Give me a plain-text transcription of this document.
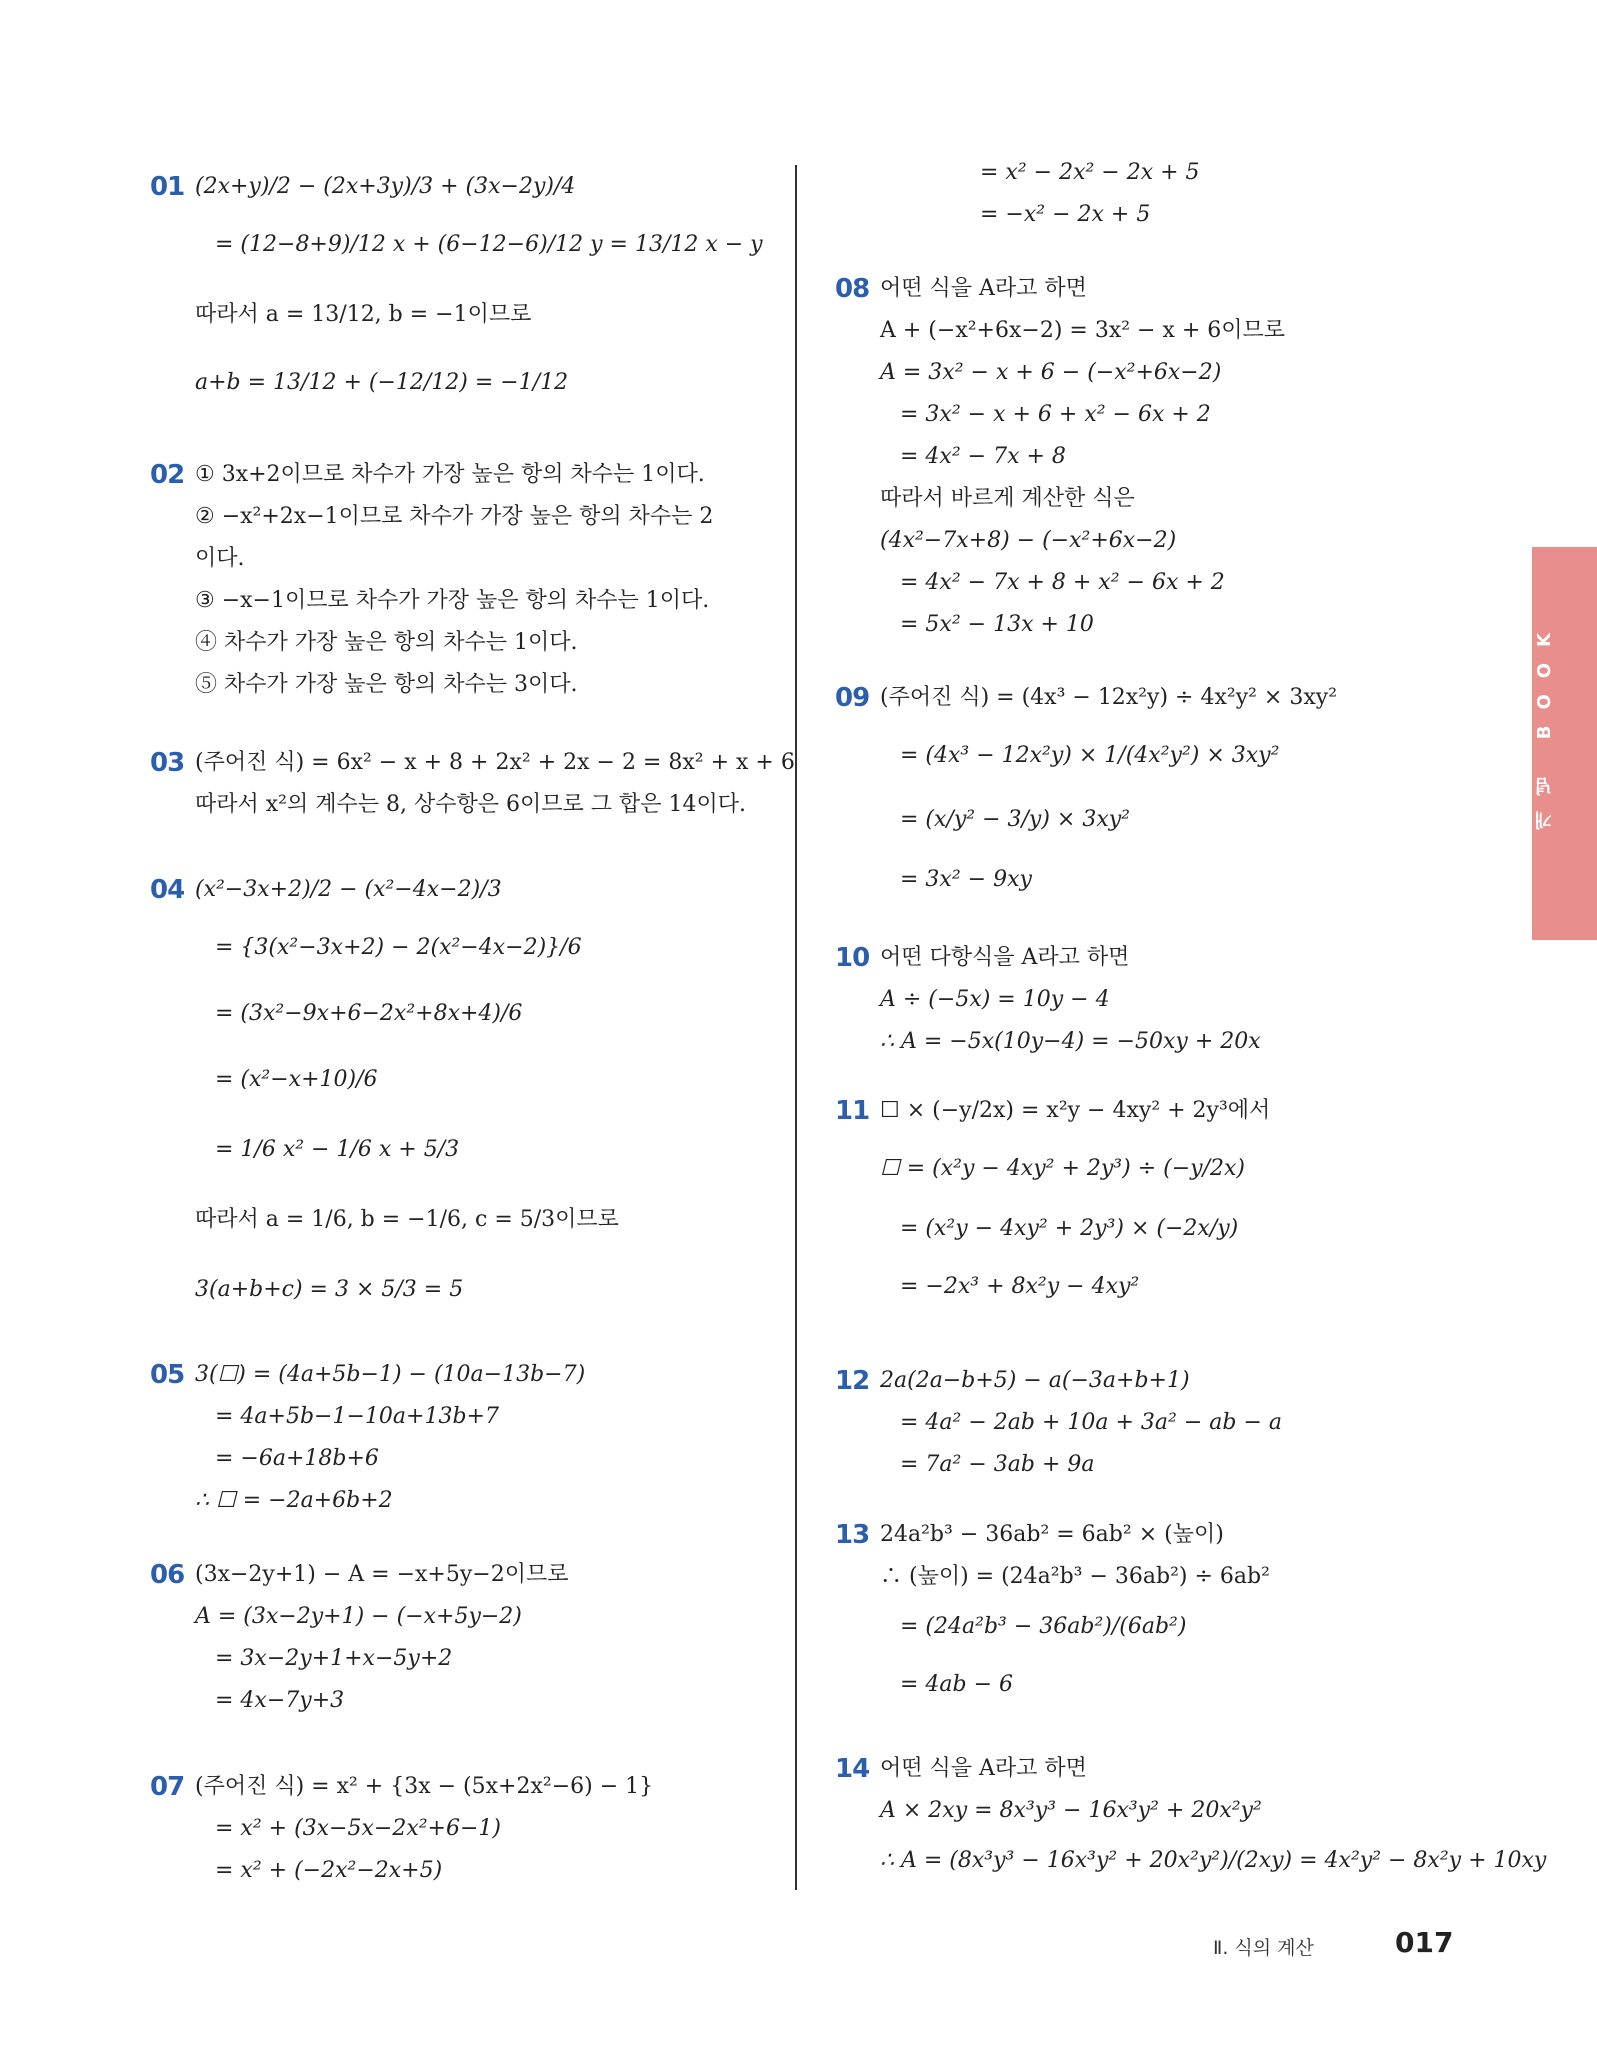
01 (2x+y)/2 − (2x+3y)/3 + (3x−2y)/4
= (12−8+9)/12 x + (6−12−6)/12 y = 13/12 x − y
따라서 a = 13/12, b = −1이므로
a+b = 13/12 + (−12/12) = −1/12
02 ① 3x+2이므로 차수가 가장 높은 항의 차수는 1이다.
② −x²+2x−1이므로 차수가 가장 높은 항의 차수는 2
이다.
③ −x−1이므로 차수가 가장 높은 항의 차수는 1이다.
④ 차수가 가장 높은 항의 차수는 1이다.
⑤ 차수가 가장 높은 항의 차수는 3이다.
03 (주어진 식) = 6x² − x + 8 + 2x² + 2x − 2 = 8x² + x + 6
따라서 x²의 계수는 8, 상수항은 6이므로 그 합은 14이다.
04 (x²−3x+2)/2 − (x²−4x−2)/3
= {3(x²−3x+2) − 2(x²−4x−2)}/6
= (3x²−9x+6−2x²+8x+4)/6
= (x²−x+10)/6
= 1/6 x² − 1/6 x + 5/3
따라서 a = 1/6, b = −1/6, c = 5/3이므로
3(a+b+c) = 3 × 5/3 = 5
05 3(☐) = (4a+5b−1) − (10a−13b−7)
= 4a+5b−1−10a+13b+7
= −6a+18b+6
∴ ☐ = −2a+6b+2
06 (3x−2y+1) − A = −x+5y−2이므로
A = (3x−2y+1) − (−x+5y−2)
= 3x−2y+1+x−5y+2
= 4x−7y+3
07 (주어진 식) = x² + {3x − (5x+2x²−6) − 1}
= x² + (3x−5x−2x²+6−1)
= x² + (−2x²−2x+5)
= x² − 2x² − 2x + 5
= −x² − 2x + 5
08 어떤 식을 A라고 하면
A + (−x²+6x−2) = 3x² − x + 6이므로
A = 3x² − x + 6 − (−x²+6x−2)
= 3x² − x + 6 + x² − 6x + 2
= 4x² − 7x + 8
따라서 바르게 계산한 식은
(4x²−7x+8) − (−x²+6x−2)
= 4x² − 7x + 8 + x² − 6x + 2
= 5x² − 13x + 10
09 (주어진 식) = (4x³ − 12x²y) ÷ 4x²y² × 3xy²
= (4x³ − 12x²y) × 1/(4x²y²) × 3xy²
= (x/y² − 3/y) × 3xy²
= 3x² − 9xy
10 어떤 다항식을 A라고 하면
A ÷ (−5x) = 10y − 4
∴ A = −5x(10y−4) = −50xy + 20x
11 ☐ × (−y/2x) = x²y − 4xy² + 2y³에서
☐ = (x²y − 4xy² + 2y³) ÷ (−y/2x)
= (x²y − 4xy² + 2y³) × (−2x/y)
= −2x³ + 8x²y − 4xy²
12 2a(2a−b+5) − a(−3a+b+1)
= 4a² − 2ab + 10a + 3a² − ab − a
= 7a² − 3ab + 9a
13 24a²b³ − 36ab² = 6ab² × (높이)
∴ (높이) = (24a²b³ − 36ab²) ÷ 6ab²
= (24a²b³ − 36ab²)/(6ab²)
= 4ab − 6
14 어떤 식을 A라고 하면
A × 2xy = 8x³y³ − 16x³y² + 20x²y²
∴ A = (8x³y³ − 16x³y² + 20x²y²)/(2xy) = 4x²y² − 8x²y + 10xy
개념 BOOK
Ⅱ. 식의 계산	017
